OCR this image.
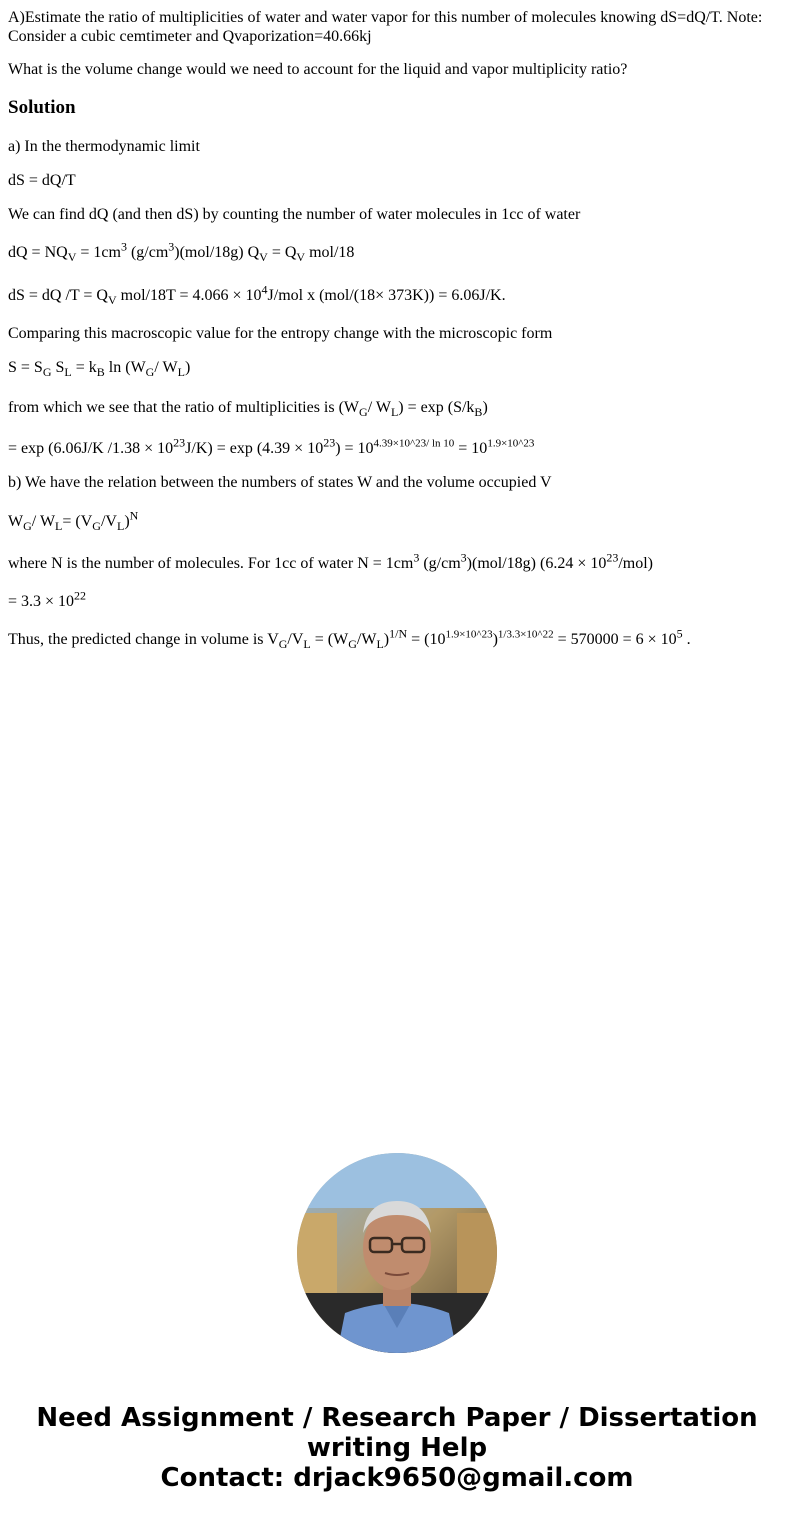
A)Estimate the ratio of multiplicities of water and water vapor for this number of molecules knowing dS=dQ/T. Note: Consider a cubic cemtimeter and Qvaporization=40.66kj

What is the volume change would we need to account for the liquid and vapor multiplicity ratio?

Solution

a) In the thermodynamic limit

dS = dQ/T

We can find dQ (and then dS) by counting the number of water molecules in 1cc of water

dQ = $NQ_V = 1cm^3$ $(g/cm^3)(mol/18g) Q_V = Q_V$ mol/18

dS = dQ $/T = Q_V$ $mol/18T = 4.066 \times 10^4J$/mol x (mol/(18× 373K)) = 6.06J/K.

Comparing this macroscopic value for the entropy change with the microscopic form

$S = S_G$ $S_L = k_B$ $\ln (W_G/$ $W_L$)

from which we see that the ratio of multiplicities is ($W_G/$ $W_L) = \exp (S/k_B)$

= exp (6.06J/K $/1.38 \times 10^{23}J/K) = \exp (4.39 \times 10^{23}) = 10^{4.39\times 10\^{}23/ ln 10} = 10^{1.9\times 10\^{}23}$

b) We have the relation between the numbers of states W and the volume occupied V

$W_G/$ $W_L= (V_G/V_L)^N$

where N is the number of molecules. For 1cc of water $N = 1cm^3$ $(g/cm^3)(mol/18g) (6.24 \times 10^{23}/mol)$

= $3.3 \times 10^{22}$

Thus, the predicted change in volume is $V_G/V_L = (W_G/W_L)^{1/N} = (10^{1.9\times 10\^{}23})^{1/3.3\times 10\^{}22} = 570000 = 6 \times 10^5$ .

Need Assignment / Research Paper / Dissertation
writing Help
Contact: drjack9650@gmail.com
